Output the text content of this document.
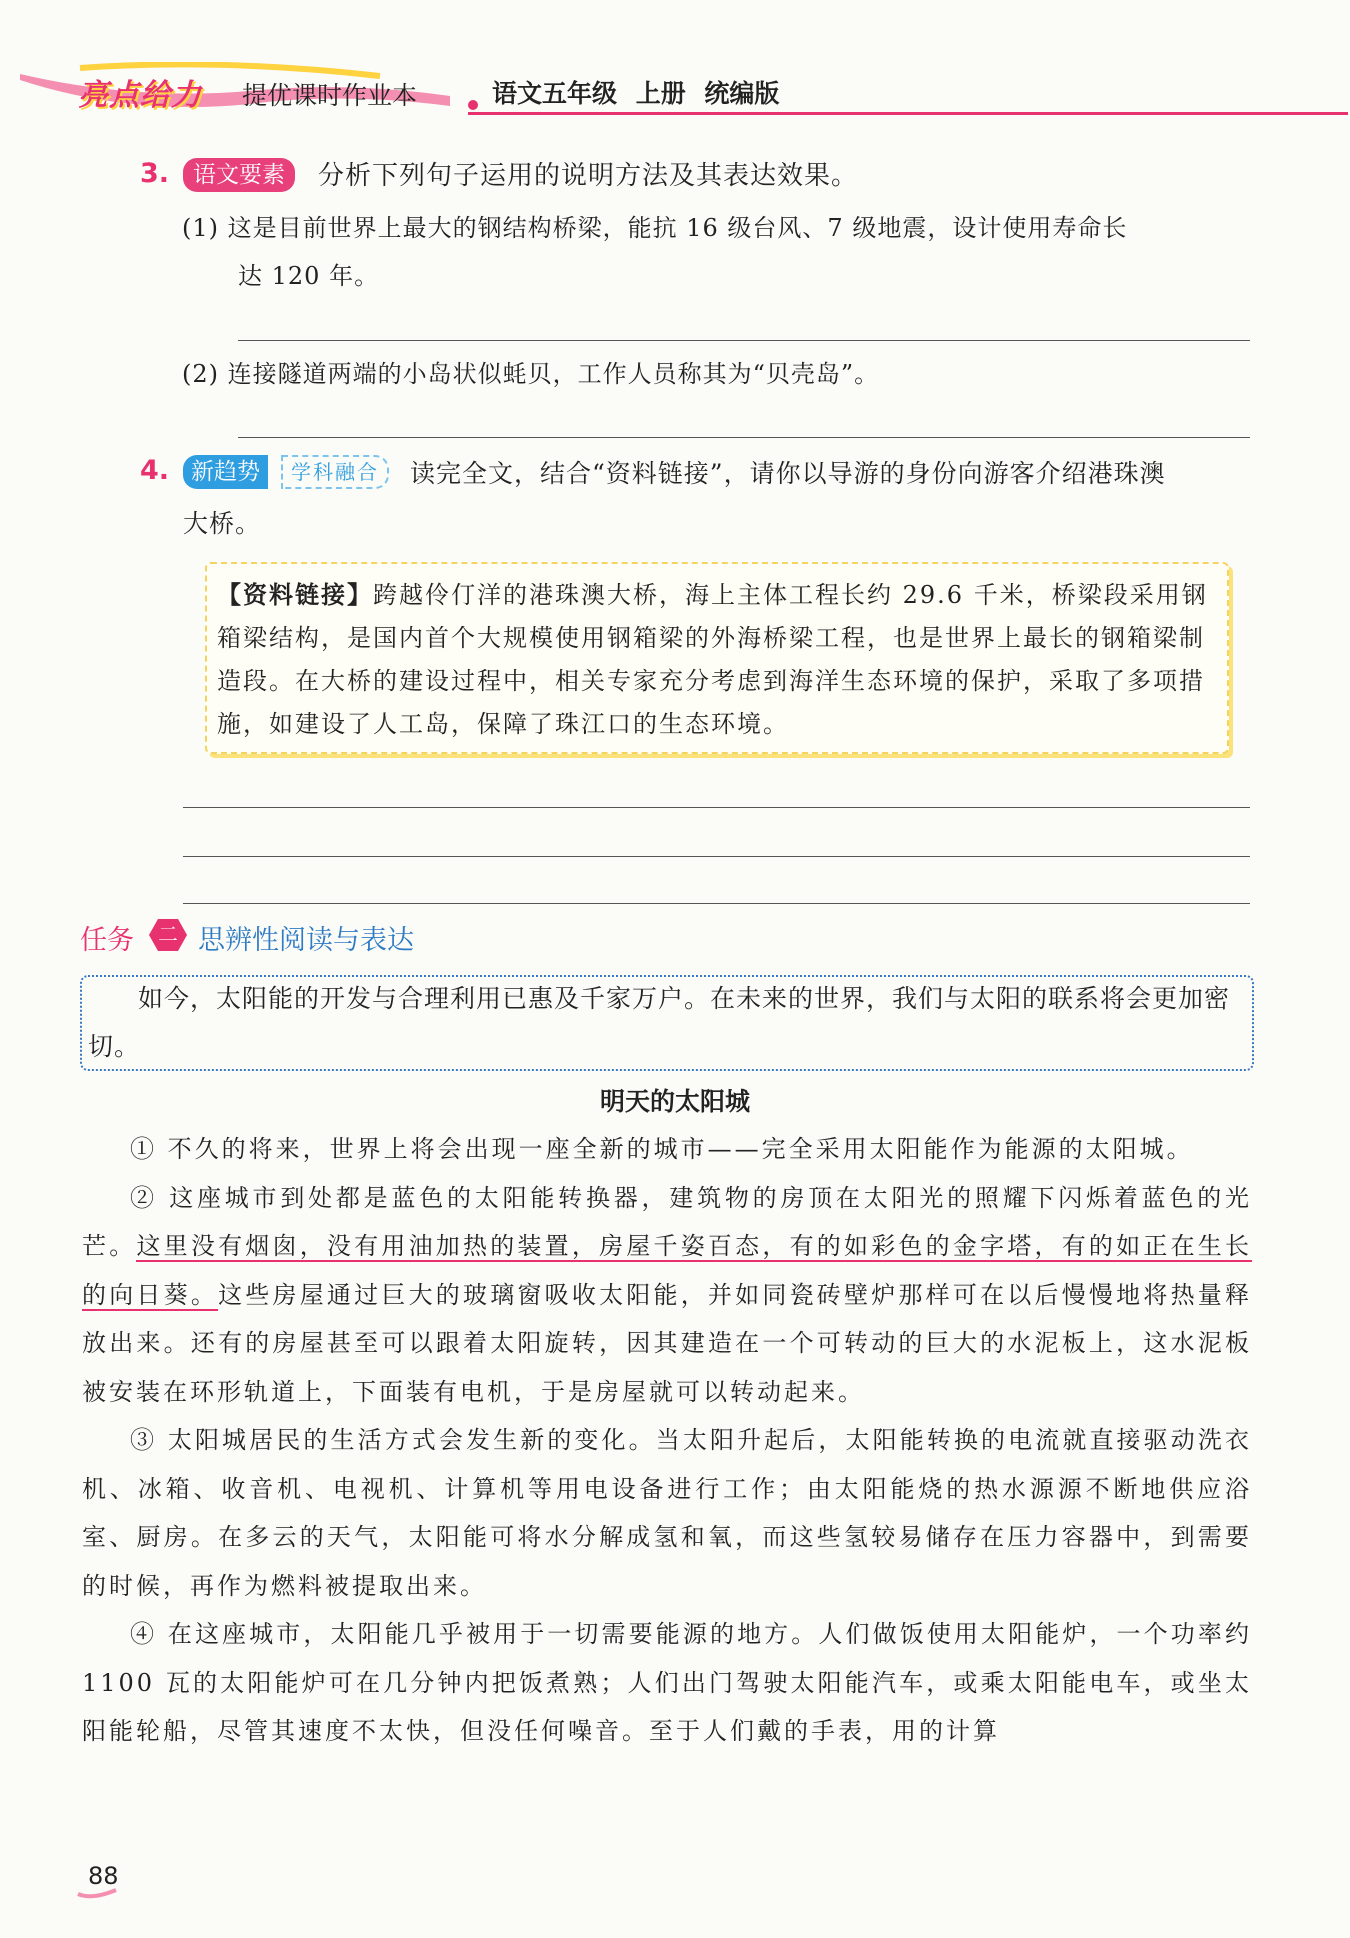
亮点给力 提优课时作业本	语文五年级 上册 统编版
3.	语文要素	分析下列句子运用的说明方法及其表达效果。
(1) 这是目前世界上最大的钢结构桥梁，能抗 16 级台风、7 级地震，设计使用寿命长
达 120 年。
(2) 连接隧道两端的小岛状似蚝贝，工作人员称其为“贝壳岛”。
4. 新趋势	学科融合	读完全文，结合“资料链接”，请你以导游的身份向游客介绍港珠澳
大桥。
【资料链接】跨越伶仃洋的港珠澳大桥，海上主体工程长约 29.6 千米，桥梁段采用钢箱梁结构，是国内首个大规模使用钢箱梁的外海桥梁工程，也是世界上最长的钢箱梁制造段。在大桥的建设过程中，相关专家充分考虑到海洋生态环境的保护，采取了多项措施，如建设了人工岛，保障了珠江口的生态环境。
任务 二 思辨性阅读与表达
如今，太阳能的开发与合理利用已惠及千家万户。在未来的世界，我们与太阳的联系将会更加密切。
明天的太阳城

① 不久的将来，世界上将会出现一座全新的城市——完全采用太阳能作为能源的太阳城。

② 这座城市到处都是蓝色的太阳能转换器，建筑物的房顶在太阳光的照耀下闪烁着蓝色的光芒。这里没有烟囱，没有用油加热的装置，房屋千姿百态，有的如彩色的金字塔，有的如正在生长的向日葵。这些房屋通过巨大的玻璃窗吸收太阳能，并如同瓷砖壁炉那样可在以后慢慢地将热量释放出来。还有的房屋甚至可以跟着太阳旋转，因其建造在一个可转动的巨大的水泥板上，这水泥板被安装在环形轨道上，下面装有电机，于是房屋就可以转动起来。

③ 太阳城居民的生活方式会发生新的变化。当太阳升起后，太阳能转换的电流就直接驱动洗衣机、冰箱、收音机、电视机、计算机等用电设备进行工作；由太阳能烧的热水源源不断地供应浴室、厨房。在多云的天气，太阳能可将水分解成氢和氧，而这些氢较易储存在压力容器中，到需要的时候，再作为燃料被提取出来。

④ 在这座城市，太阳能几乎被用于一切需要能源的地方。人们做饭使用太阳能炉，一个功率约 1100 瓦的太阳能炉可在几分钟内把饭煮熟；人们出门驾驶太阳能汽车，或乘太阳能电车，或坐太阳能轮船，尽管其速度不太快，但没任何噪音。至于人们戴的手表，用的计算

88
